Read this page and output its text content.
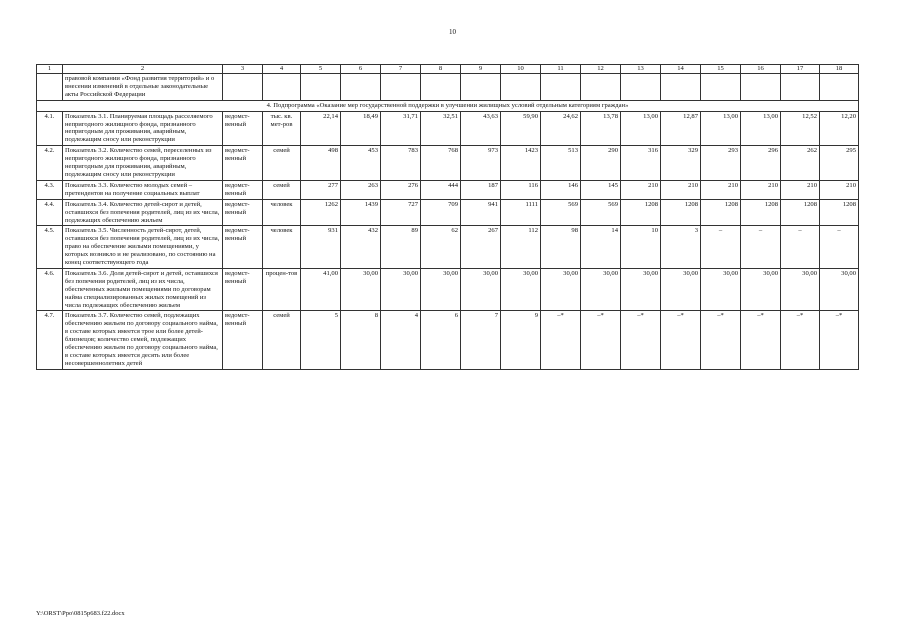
10
1	2	3	4	5	6	7	8	9	10	11	12	13	14	15	16	17	18
	правовой компании «Фонд развития территорий» и о внесении изменений в отдельные законодательные акты Российской Федерации																
4. Подпрограмма «Оказание мер государственной поддержки в улучшении жилищных условий отдельным категориям граждан»																	
4.1.	Показатель 3.1. Планируемая площадь расселяемого непригодного жилищного фонда, признанного непригодным для проживания, аварийным, подлежащим сносу или реконструкции	ведомст-венный	тыс. кв. мет-ров	22,14	18,49	31,71	32,51	43,63	59,90	24,62	13,78	13,00	12,87	13,00	13,00	12,52	12,20
4.2.	Показатель 3.2. Количество семей, переселенных из непригодного жилищного фонда, признанного непригодным для проживания, аварийным, подлежащим сносу или реконструкции	ведомст-венный	семей	498	453	783	768	973	1423	513	290	316	329	293	296	262	295
4.3.	Показатель 3.3. Количество молодых семей – претендентов на получение социальных выплат	ведомст-венный	семей	277	263	276	444	187	116	146	145	210	210	210	210	210	210
4.4.	Показатель 3.4. Количество детей-сирот и детей, оставшихся без попечения родителей, лиц из их числа, подлежащих обеспечению жильем	ведомст-венный	человек	1262	1439	727	709	941	1111	569	569	1208	1208	1208	1208	1208	1208
4.5.	Показатель 3.5. Численность детей-сирот, детей, оставшихся без попечения родителей, лиц из их числа, право на обеспечение жилыми помещениями, у которых возникло и не реализовано, по состоянию на конец соответствующего года	ведомст-венный	человек	931	432	89	62	267	112	98	14	10	3	–	–	–	–
4.6.	Показатель 3.6. Доля детей-сирот и детей, оставшихся без попечения родителей, лиц из их числа, обеспеченных жилыми помещениями по договорам найма специализированных жилых помещений из числа подлежащих обеспечению жильем	ведомст-венный	процен-тов	41,00	30,00	30,00	30,00	30,00	30,00	30,00	30,00	30,00	30,00	30,00	30,00	30,00	30,00
4.7.	Показатель 3.7. Количество семей, подлежащих обеспечению жильем по договору социального найма, в составе которых имеется трое или более детей-близнецов; количество семей, подлежащих обеспечению жильем по договору социального найма, в составе которых имеется десять или более несовершеннолетних детей	ведомст-венный	семей	5	8	4	6	7	9	–*	–*	–*	–*	–*	–*	–*	–*
Y:\ORST\Ppo\0815p683.f22.docx
